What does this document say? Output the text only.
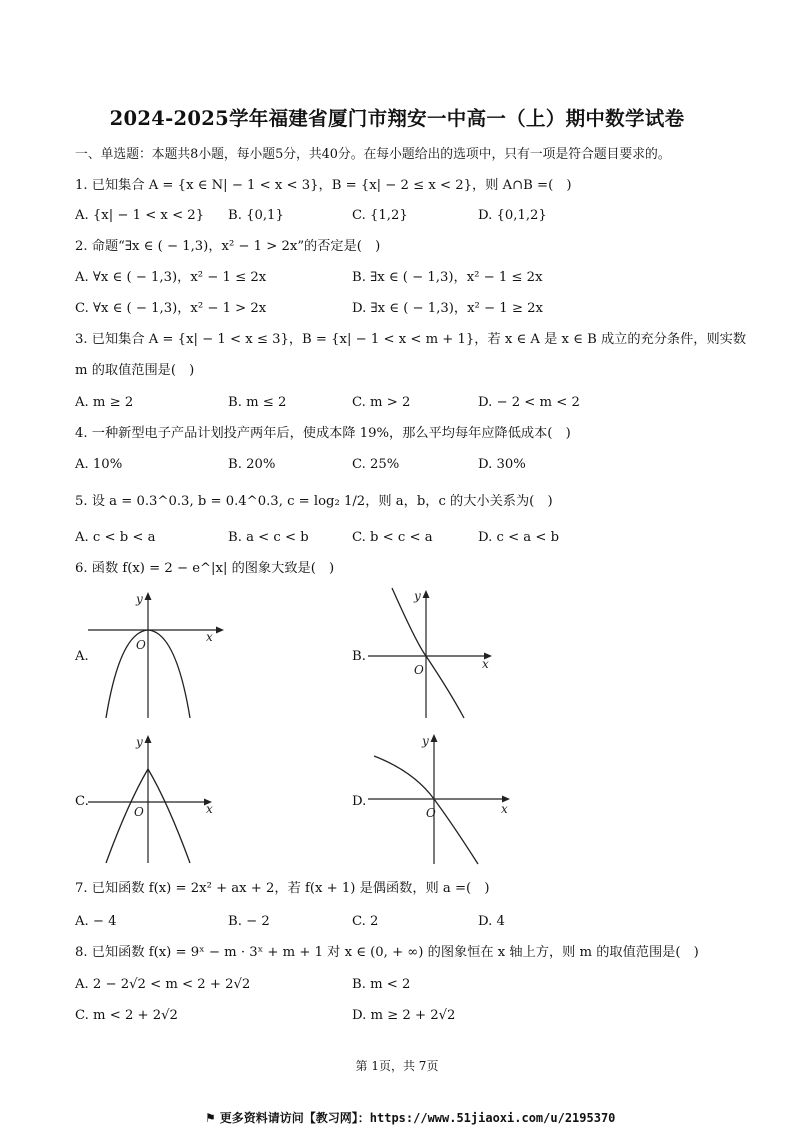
2024-2025学年福建省厦门市翔安一中高一（上）期中数学试卷
一、单选题：本题共8小题，每小题5分，共40分。在每小题给出的选项中，只有一项是符合题目要求的。
1. 已知集合 A = {x ∈ N| − 1 < x < 3}，B = {x| − 2 ≤ x < 2}，则 A∩B =(　)
A. {x| − 1 < x < 2} B. {0,1}	C. {1,2}	D. {0,1,2}
2. 命题“∃x ∈ ( − 1,3)，x² − 1 > 2x”的否定是(　)
A. ∀x ∈ ( − 1,3)，x² − 1 ≤ 2x	B. ∃x ∈ ( − 1,3)，x² − 1 ≤ 2x
C. ∀x ∈ ( − 1,3)，x² − 1 > 2x	D. ∃x ∈ ( − 1,3)，x² − 1 ≥ 2x
3. 已知集合 A = {x| − 1 < x ≤ 3}，B = {x| − 1 < x < m + 1}，若 x ∈ A 是 x ∈ B 成立的充分条件，则实数
m 的取值范围是(　)
A. m ≥ 2	B. m ≤ 2	C. m > 2	D. − 2 < m < 2
4. 一种新型电子产品计划投产两年后，使成本降 19%，那么平均每年应降低成本(　)
A. 10%	B. 20%	C. 25%	D. 30%
5. 设 a = 0.3^0.3, b = 0.4^0.3, c = log₂ 1/2，则 a，b，c 的大小关系为(　)
A. c < b < a	B. a < c < b	C. b < c < a	D. c < a < b
6. 函数 f(x) = 2 − e^|x| 的图象大致是(　)
A.
x
y
O
B.	x
y
O
C.	x
y
O
D.	x
y
O
7. 已知函数 f(x) = 2x² + ax + 2，若 f(x + 1) 是偶函数，则 a =(　)
A. − 4	B. − 2	C. 2	D. 4
8. 已知函数 f(x) = 9ˣ − m · 3ˣ + m + 1 对 x ∈ (0, + ∞) 的图象恒在 x 轴上方，则 m 的取值范围是(　)
A. 2 − 2√2 < m < 2 + 2√2	B. m < 2
C. m < 2 + 2√2	D. m ≥ 2 + 2√2
第 1页，共 7页
⚑ 更多资料请访问【教习网】：https://www.51jiaoxi.com/u/2195370
